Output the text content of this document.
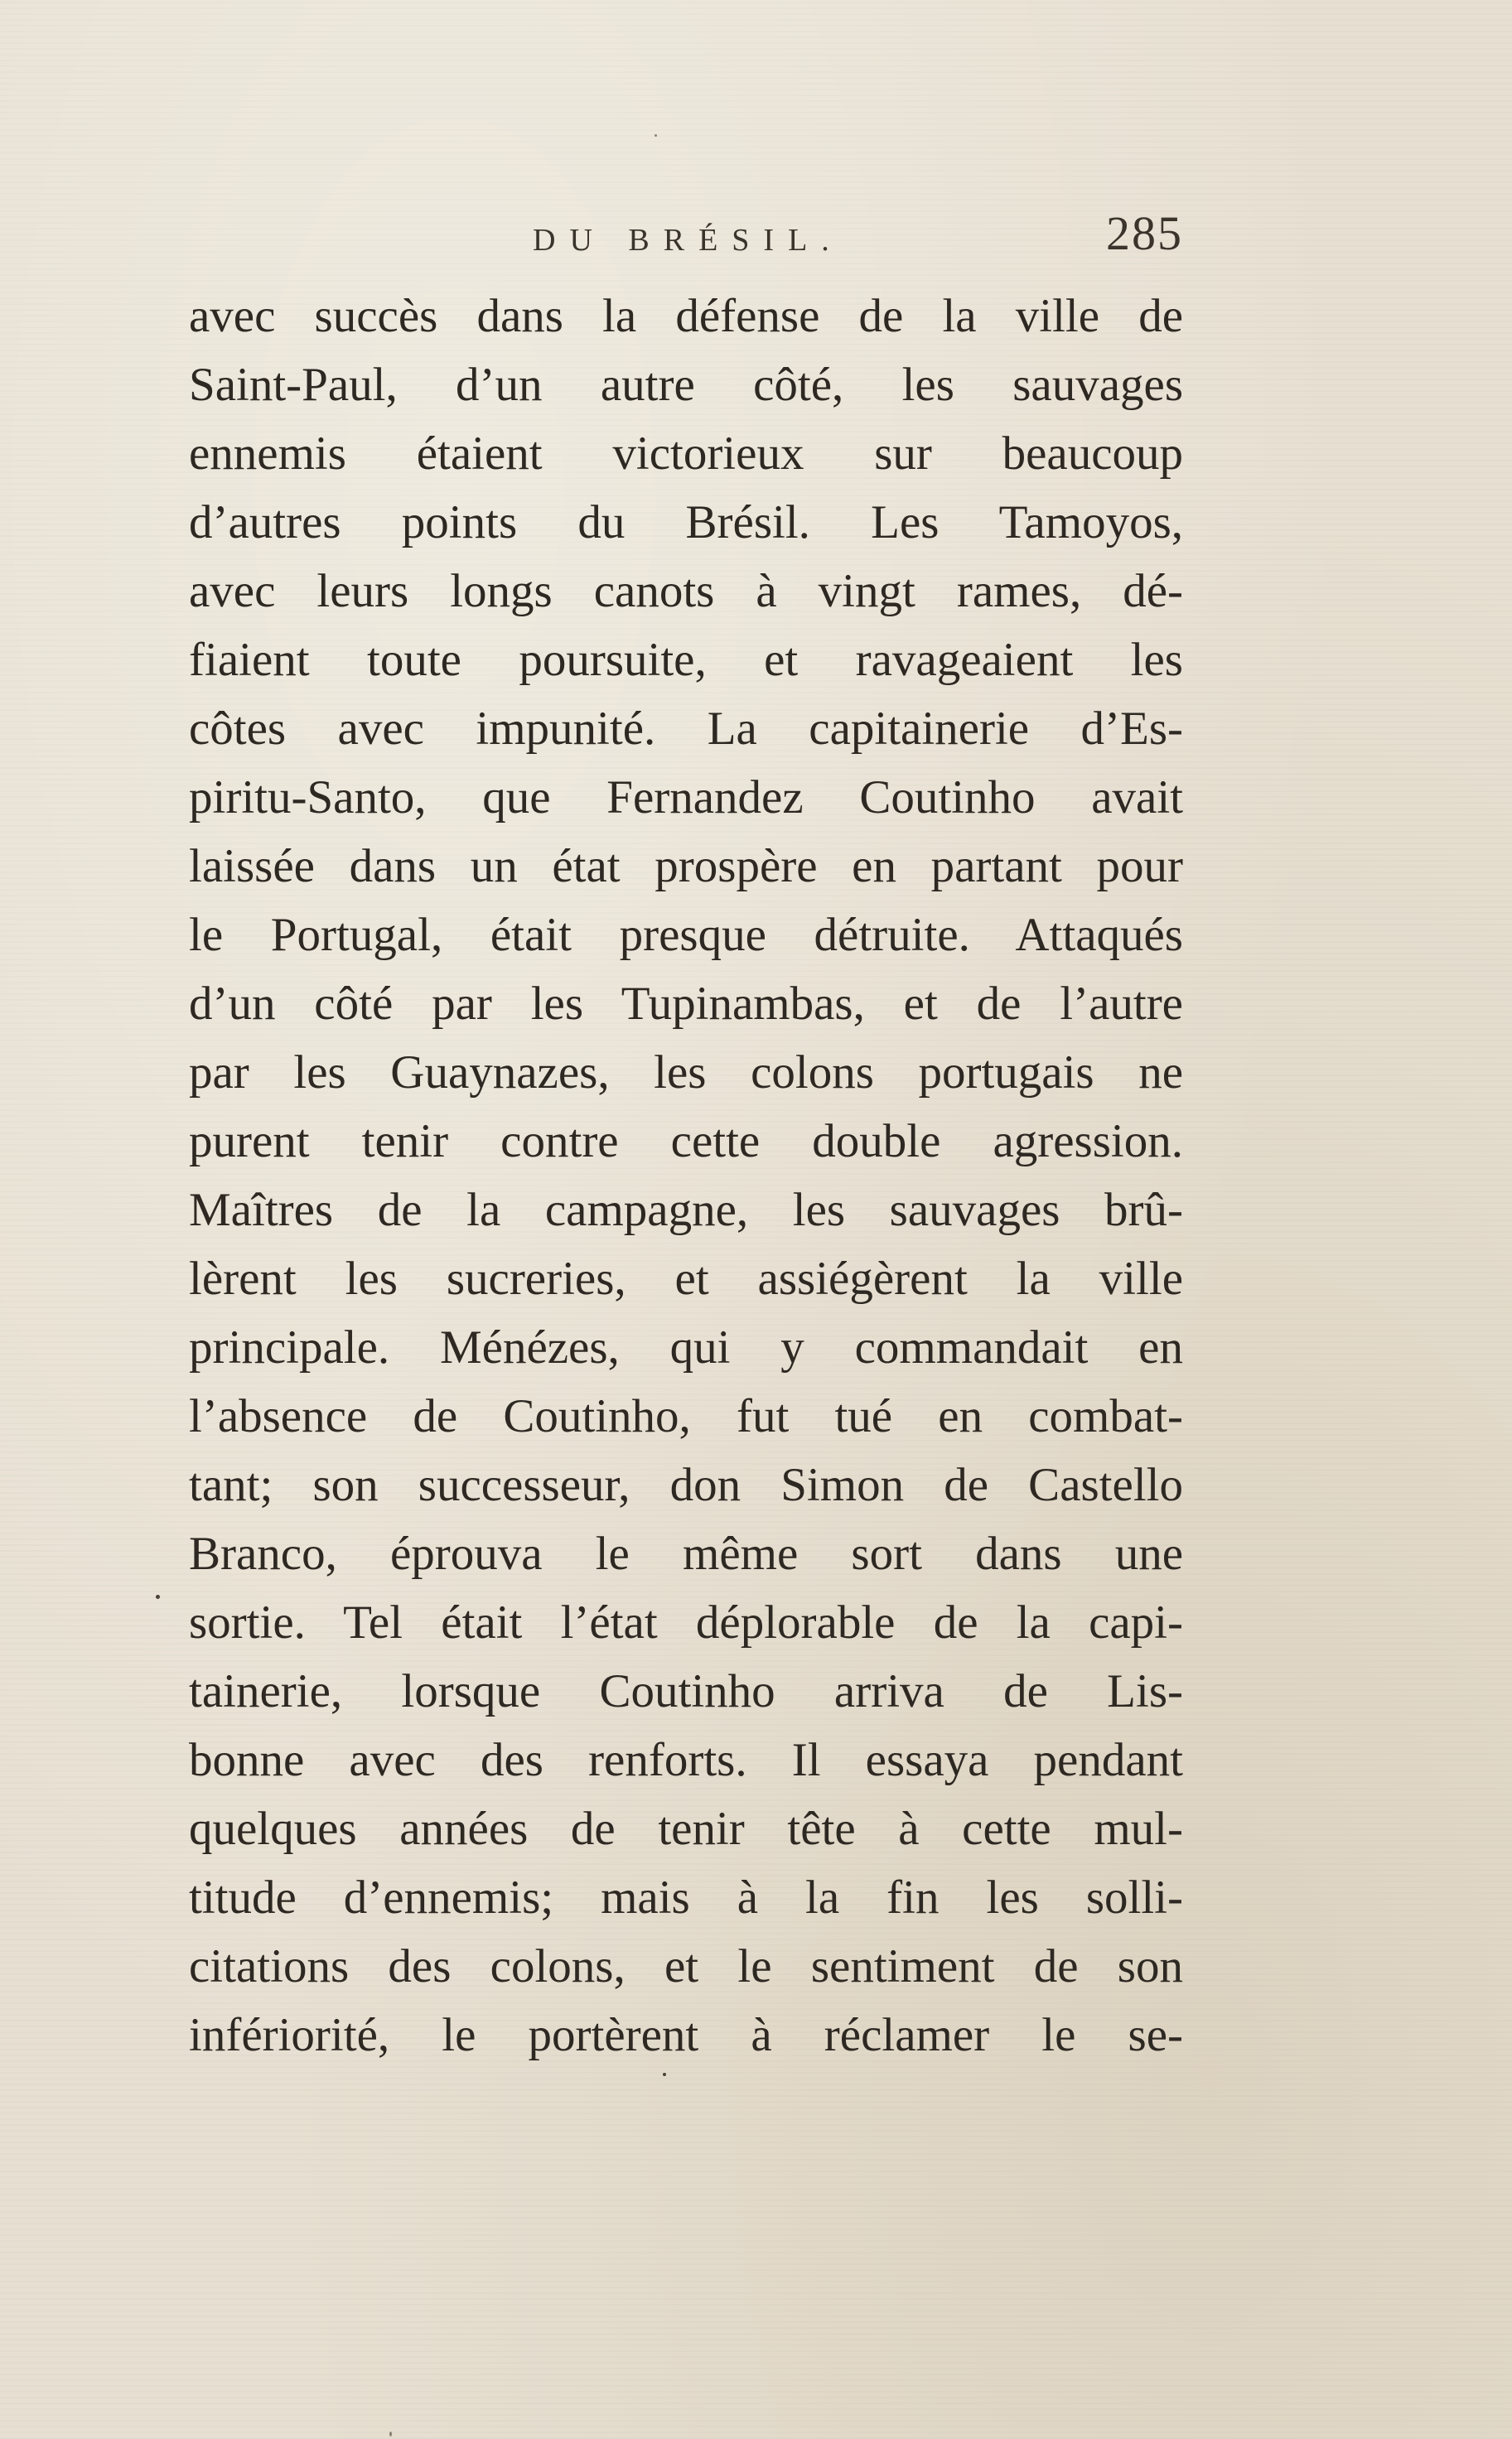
DU BRÉSIL.	285
avec succès dans la défense de la ville de
Saint-Paul, d’un autre côté, les sauvages
ennemis étaient victorieux sur beaucoup
d’autres points du Brésil. Les Tamoyos,
avec leurs longs canots à vingt rames, dé-
fiaient toute poursuite, et ravageaient les
côtes avec impunité. La capitainerie d’Es-
piritu-Santo, que Fernandez Coutinho avait
laissée dans un état prospère en partant pour
le Portugal, était presque détruite. Attaqués
d’un côté par les Tupinambas, et de l’autre
par les Guaynazes, les colons portugais ne
purent tenir contre cette double agression.
Maîtres de la campagne, les sauvages brû-
lèrent les sucreries, et assiégèrent la ville
principale. Ménézes, qui y commandait en
l’absence de Coutinho, fut tué en combat-
tant; son successeur, don Simon de Castello
Branco, éprouva le même sort dans une
sortie. Tel était l’état déplorable de la capi-
tainerie, lorsque Coutinho arriva de Lis-
bonne avec des renforts. Il essaya pendant
quelques années de tenir tête à cette mul-
titude d’ennemis; mais à la fin les solli-
citations des colons, et le sentiment de son
infériorité, le portèrent à réclamer le se-
